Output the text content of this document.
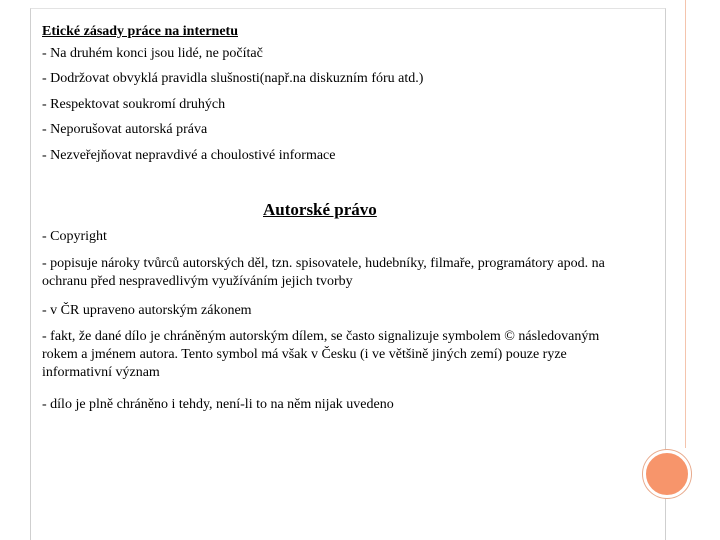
Etické zásady práce na internetu

- Na druhém konci jsou lidé, ne počítač

- Dodržovat obvyklá pravidla slušnosti(např.na diskuzním fóru atd.)

- Respektovat soukromí druhých

- Neporušovat autorská práva

- Nezveřejňovat nepravdivé a choulostivé informace

Autorské právo

- Copyright

- popisuje nároky tvůrců autorských děl, tzn. spisovatele, hudebníky, filmaře, programátory apod. na ochranu před nespravedlivým využíváním jejich tvorby

- v ČR upraveno autorským zákonem

- fakt, že dané dílo je chráněným autorským dílem, se často signalizuje symbolem © následovaným rokem a jménem autora. Tento symbol má však v Česku (i ve většině jiných zemí) pouze ryze informativní význam

- dílo je plně chráněno i tehdy, není-li to na něm nijak uvedeno
